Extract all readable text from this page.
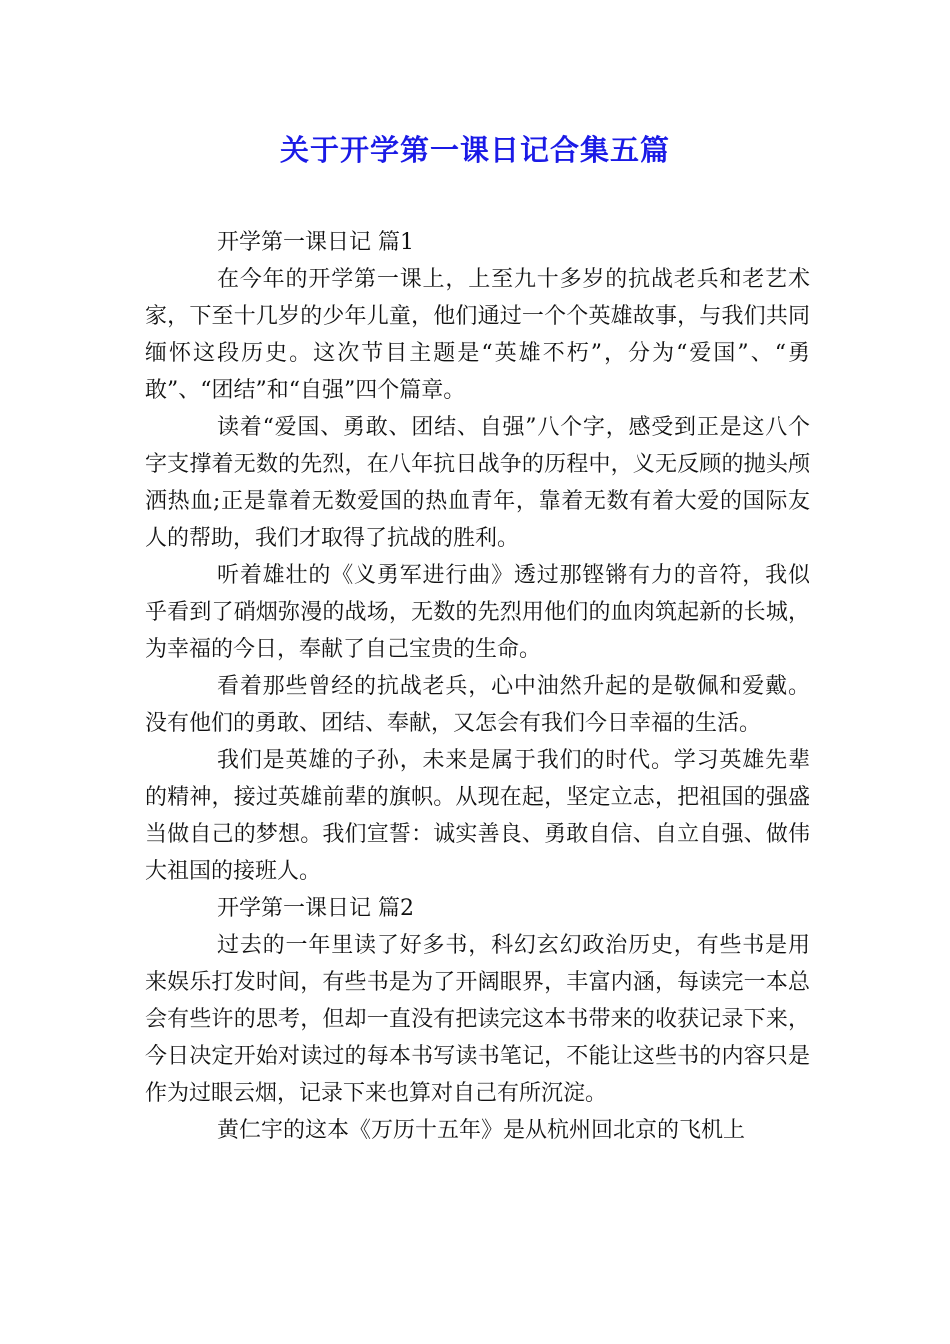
关于开学第一课日记合集五篇

开学第一课日记 篇1

在今年的开学第一课上，上至九十多岁的抗战老兵和老艺术家，下至十几岁的少年儿童，他们通过一个个英雄故事，与我们共同缅怀这段历史。这次节目主题是“英雄不朽”，分为“爱国”、“勇敢”、“团结”和“自强”四个篇章。

读着“爱国、勇敢、团结、自强”八个字，感受到正是这八个字支撑着无数的先烈，在八年抗日战争的历程中，义无反顾的抛头颅洒热血;正是靠着无数爱国的热血青年，靠着无数有着大爱的国际友人的帮助，我们才取得了抗战的胜利。

听着雄壮的《义勇军进行曲》透过那铿锵有力的音符，我似乎看到了硝烟弥漫的战场，无数的先烈用他们的血肉筑起新的长城，为幸福的今日，奉献了自己宝贵的生命。

看着那些曾经的抗战老兵，心中油然升起的是敬佩和爱戴。没有他们的勇敢、团结、奉献，又怎会有我们今日幸福的生活。

我们是英雄的子孙，未来是属于我们的时代。学习英雄先辈的精神，接过英雄前辈的旗帜。从现在起，坚定立志，把祖国的强盛当做自己的梦想。我们宣誓：诚实善良、勇敢自信、自立自强、做伟大祖国的接班人。

开学第一课日记 篇2

过去的一年里读了好多书，科幻玄幻政治历史，有些书是用来娱乐打发时间，有些书是为了开阔眼界，丰富内涵，每读完一本总会有些许的思考，但却一直没有把读完这本书带来的收获记录下来，今日决定开始对读过的每本书写读书笔记，不能让这些书的内容只是作为过眼云烟，记录下来也算对自己有所沉淀。

黄仁宇的这本《万历十五年》是从杭州回北京的飞机上
